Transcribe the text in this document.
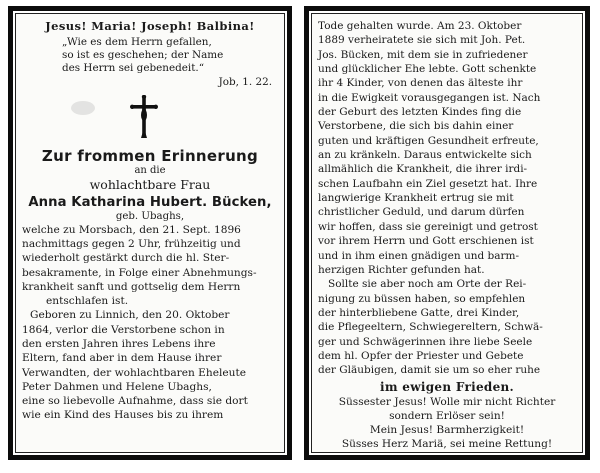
Jesus! Maria! Joseph! Balbina!
„Wie es dem Herrn gefallen,
so ist es geschehen; der Name
des Herrn sei gebenedeit.“
Job, 1. 22.
Zur frommen Erinnerung
an die
wohlachtbare Frau
Anna Katharina Hubert. Bücken,
geb. Ubaghs,
welche zu Morsbach, den 21. Sept. 1896
nachmittags gegen 2 Uhr, frühzeitig und
wiederholt gestärkt durch die hl. Ster-
besakramente, in Folge einer Abnehmungs-
krankheit sanft und gottselig dem Herrn
entschlafen ist.
Geboren zu Linnich, den 20. Oktober
1864, verlor die Verstorbene schon in
den ersten Jahren ihres Lebens ihre
Eltern, fand aber in dem Hause ihrer
Verwandten, der wohlachtbaren Eheleute
Peter Dahmen und Helene Ubaghs,
eine so liebevolle Aufnahme, dass sie dort
wie ein Kind des Hauses bis zu ihrem
Tode gehalten wurde. Am 23. Oktober
1889 verheiratete sie sich mit Joh. Pet.
Jos. Bücken, mit dem sie in zufriedener
und glücklicher Ehe lebte. Gott schenkte
ihr 4 Kinder, von denen das älteste ihr
in die Ewigkeit vorausgegangen ist. Nach
der Geburt des letzten Kindes fing die
Verstorbene, die sich bis dahin einer
guten und kräftigen Gesundheit erfreute,
an zu kränkeln. Daraus entwickelte sich
allmählich die Krankheit, die ihrer irdi-
schen Laufbahn ein Ziel gesetzt hat. Ihre
langwierige Krankheit ertrug sie mit
christlicher Geduld, und darum dürfen
wir hoffen, dass sie gereinigt und getrost
vor ihrem Herrn und Gott erschienen ist
und in ihm einen gnädigen und barm-
herzigen Richter gefunden hat.
Sollte sie aber noch am Orte der Rei-
nigung zu büssen haben, so empfehlen
der hinterbliebene Gatte, drei Kinder,
die Pflegeeltern, Schwiegereltern, Schwä-
ger und Schwägerinnen ihre liebe Seele
dem hl. Opfer der Priester und Gebete
der Gläubigen, damit sie um so eher ruhe
im ewigen Frieden.
Süssester Jesus! Wolle mir nicht Richter
sondern Erlöser sein!
Mein Jesus! Barmherzigkeit!
Süsses Herz Mariä, sei meine Rettung!
